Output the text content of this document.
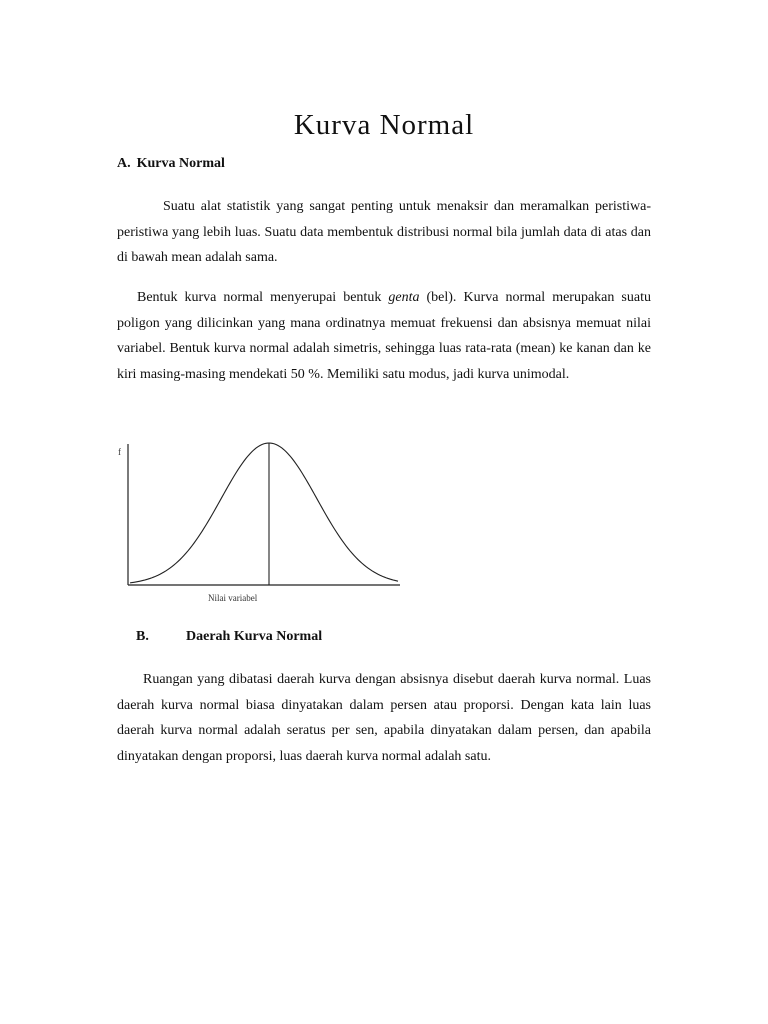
Kurva Normal
A. Kurva Normal

Suatu alat statistik yang sangat penting untuk menaksir dan meramalkan peristiwa-peristiwa yang lebih luas. Suatu data membentuk distribusi normal bila jumlah data di atas dan di bawah mean adalah sama.

Bentuk kurva normal menyerupai bentuk genta (bel). Kurva normal merupakan suatu poligon yang dilicinkan yang mana ordinatnya memuat frekuensi dan absisnya memuat nilai variabel. Bentuk kurva normal adalah simetris, sehingga luas rata-rata (mean) ke kanan dan ke kiri masing-masing mendekati 50 %. Memiliki satu modus, jadi kurva unimodal.

f
Nilai variabel
B.	Daerah Kurva Normal

Ruangan yang dibatasi daerah kurva dengan absisnya disebut daerah kurva normal. Luas daerah kurva normal biasa dinyatakan dalam persen atau proporsi. Dengan kata lain luas daerah kurva normal adalah seratus per sen, apabila dinyatakan dalam persen, dan apabila dinyatakan dengan proporsi, luas daerah kurva normal adalah satu.
